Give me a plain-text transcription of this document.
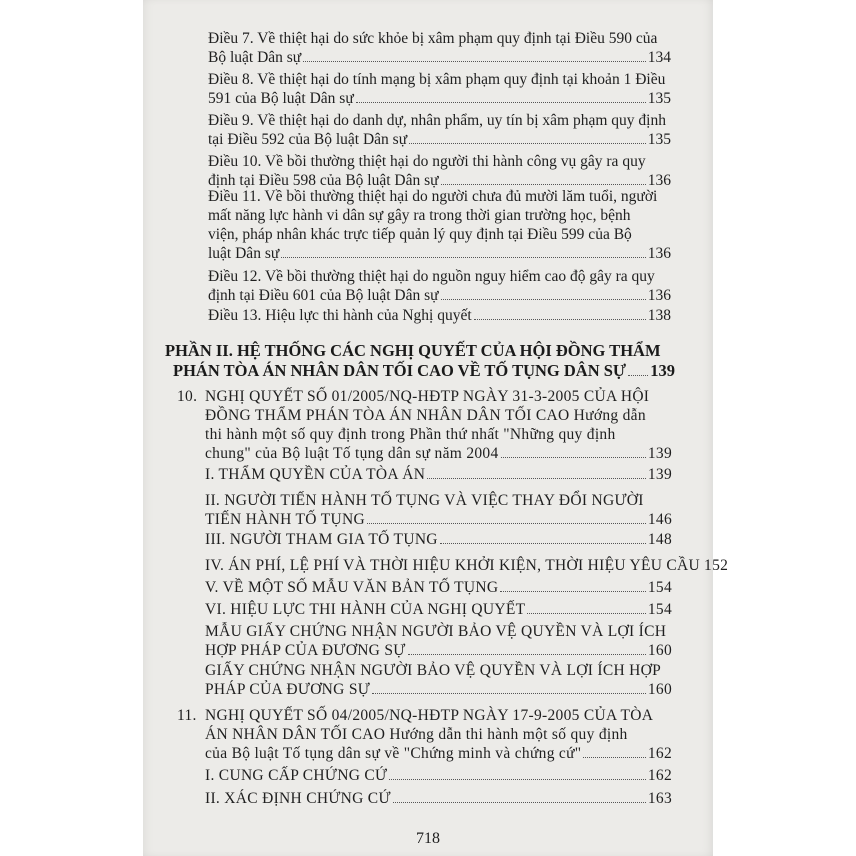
Điều 7. Về thiệt hại do sức khỏe bị xâm phạm quy định tại Điều 590 của
Bộ luật Dân sự	134
Điều 8. Về thiệt hại do tính mạng bị xâm phạm quy định tại khoản 1 Điều
591 của Bộ luật Dân sự	135
Điều 9. Về thiệt hại do danh dự, nhân phẩm, uy tín bị xâm phạm quy định
tại Điều 592 của Bộ luật Dân sự	135
Điều 10. Về bồi thường thiệt hại do người thi hành công vụ gây ra quy
định tại Điều 598 của Bộ luật Dân sự	136
Điều 11. Về bồi thường thiệt hại do người chưa đủ mười lăm tuổi, người
mất năng lực hành vi dân sự gây ra trong thời gian trường học, bệnh
viện, pháp nhân khác trực tiếp quản lý quy định tại Điều 599 của Bộ
luật Dân sự	136
Điều 12. Về bồi thường thiệt hại do nguồn nguy hiểm cao độ gây ra quy
định tại Điều 601 của Bộ luật Dân sự	136
Điều 13. Hiệu lực thi hành của Nghị quyết	138
PHẦN II. HỆ THỐNG CÁC NGHỊ QUYẾT CỦA HỘI ĐỒNG THẨM
PHÁN TÒA ÁN NHÂN DÂN TỐI CAO VỀ TỐ TỤNG DÂN SỰ 139
10. NGHỊ QUYẾT SỐ 01/2005/NQ-HĐTP NGÀY 31-3-2005 CỦA HỘI
ĐỒNG THẨM PHÁN TÒA ÁN NHÂN DÂN TỐI CAO Hướng dẫn
thi hành một số quy định trong Phần thứ nhất "Những quy định
chung" của Bộ luật Tố tụng dân sự năm 2004	139
I. THẨM QUYỀN CỦA TÒA ÁN	139
II. NGƯỜI TIẾN HÀNH TỐ TỤNG VÀ VIỆC THAY ĐỔI NGƯỜI
TIẾN HÀNH TỐ TỤNG	146
III. NGƯỜI THAM GIA TỐ TỤNG	148
IV. ÁN PHÍ, LỆ PHÍ VÀ THỜI HIỆU KHỞI KIỆN, THỜI HIỆU YÊU CẦU 152
V. VỀ MỘT SỐ MẪU VĂN BẢN TỐ TỤNG	154
VI. HIỆU LỰC THI HÀNH CỦA NGHỊ QUYẾT	154
MẪU GIẤY CHỨNG NHẬN NGƯỜI BẢO VỆ QUYỀN VÀ LỢI ÍCH
HỢP PHÁP CỦA ĐƯƠNG SỰ	160
GIẤY CHỨNG NHẬN NGƯỜI BẢO VỆ QUYỀN VÀ LỢI ÍCH HỢP
PHÁP CỦA ĐƯƠNG SỰ	160
11. NGHỊ QUYẾT SỐ 04/2005/NQ-HĐTP NGÀY 17-9-2005 CỦA TÒA
ÁN NHÂN DÂN TỐI CAO Hướng dẫn thi hành một số quy định
của Bộ luật Tố tụng dân sự về "Chứng minh và chứng cứ"	162
I. CUNG CẤP CHỨNG CỨ	162
II. XÁC ĐỊNH CHỨNG CỨ	163
718
